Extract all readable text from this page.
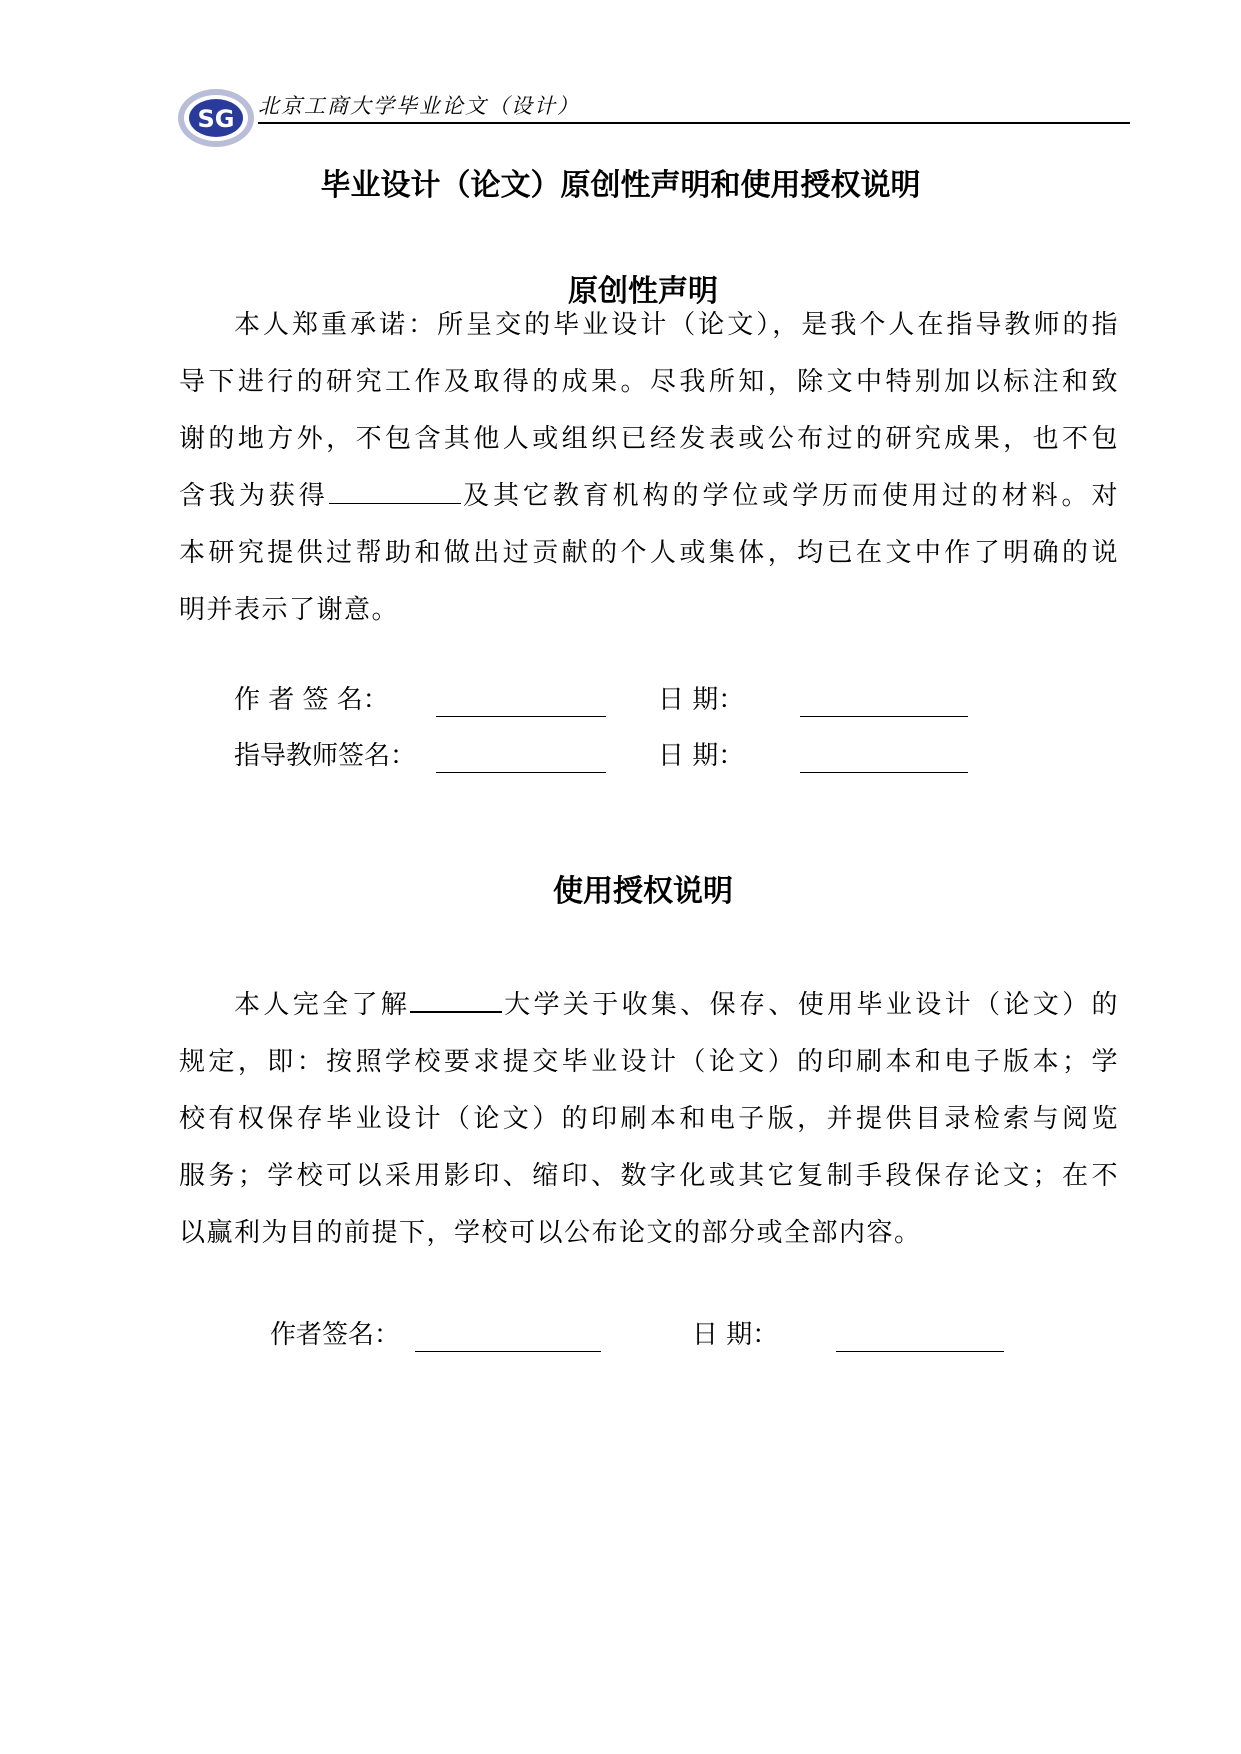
SG 北京工商大学毕业论文（设计）
毕业设计（论文）原创性声明和使用授权说明
原创性声明
本人郑重承诺：所呈交的毕业设计（论文），是我个人在指导教师的指
导下进行的研究工作及取得的成果。尽我所知，除文中特别加以标注和致
谢的地方外，不包含其他人或组织已经发表或公布过的研究成果，也不包
含我为获得	及其它教育机构的学位或学历而使用过的材料。对
本研究提供过帮助和做出过贡献的个人或集体，均已在文中作了明确的说
明并表示了谢意。
作 者 签 名：	日 期：
指导教师签名：	日 期：
使用授权说明
本人完全了解	大学关于收集、保存、使用毕业设计（论文）的
规定，即：按照学校要求提交毕业设计（论文）的印刷本和电子版本；学
校有权保存毕业设计（论文）的印刷本和电子版，并提供目录检索与阅览
服务；学校可以采用影印、缩印、数字化或其它复制手段保存论文；在不
以赢利为目的前提下，学校可以公布论文的部分或全部内容。
作者签名：	日 期：
